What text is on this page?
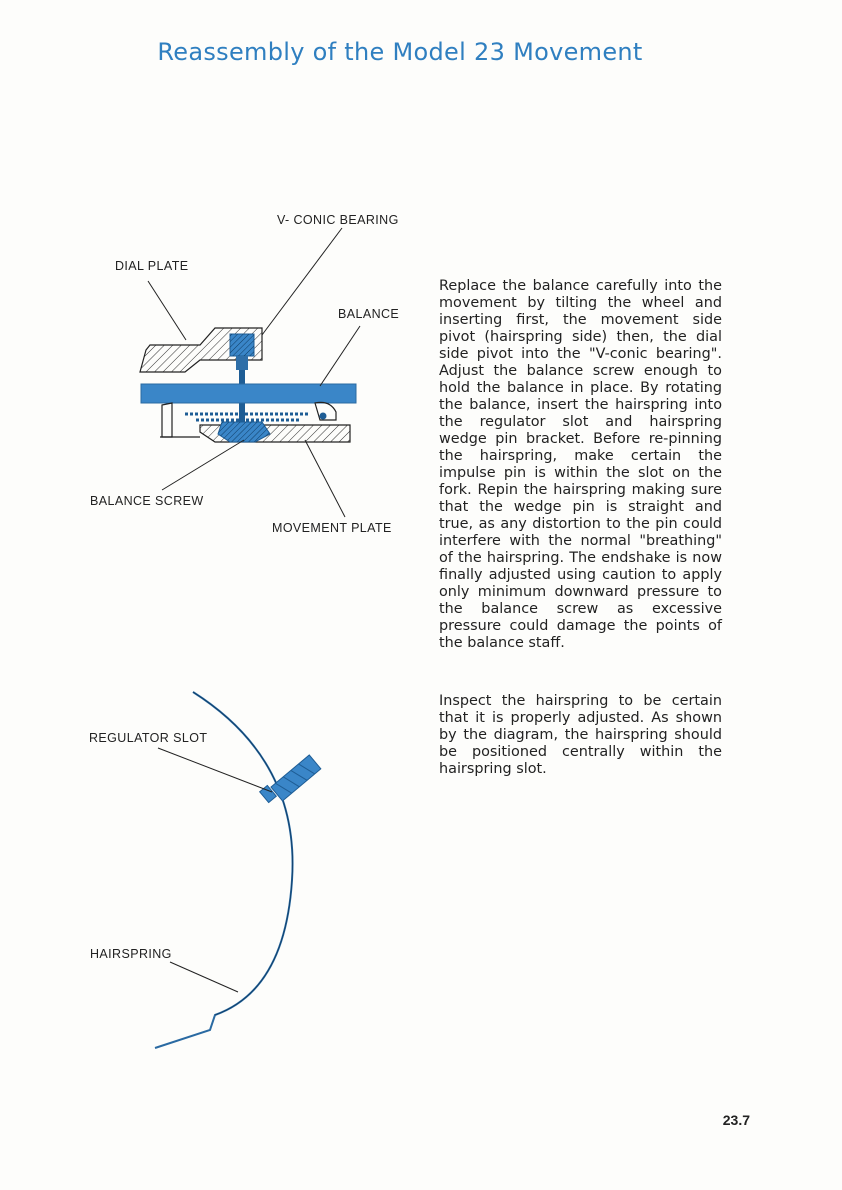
Reassembly of the Model 23 Movement
V- CONIC BEARING
DIAL PLATE
BALANCE
BALANCE SCREW
MOVEMENT PLATE
REGULATOR SLOT
HAIRSPRING
Replace the balance carefully into the movement by tilting the wheel and inserting first, the movement side pivot (hairspring side) then, the dial side pivot into the "V-conic bearing". Adjust the balance screw enough to hold the balance in place. By rotating the balance, insert the hairspring into the regulator slot and hairspring wedge pin bracket. Before re-pinning the hairspring, make certain the impulse pin is within the slot on the fork. Repin the hairspring making sure that the wedge pin is straight and true, as any distortion to the pin could interfere with the normal "breathing" of the hairspring. The endshake is now finally adjusted using caution to apply only minimum downward pressure to the balance screw as excessive pressure could damage the points of the balance staff.
Inspect the hairspring to be certain that it is properly adjusted. As shown by the diagram, the hairspring should be positioned centrally within the hairspring slot.
23.7
